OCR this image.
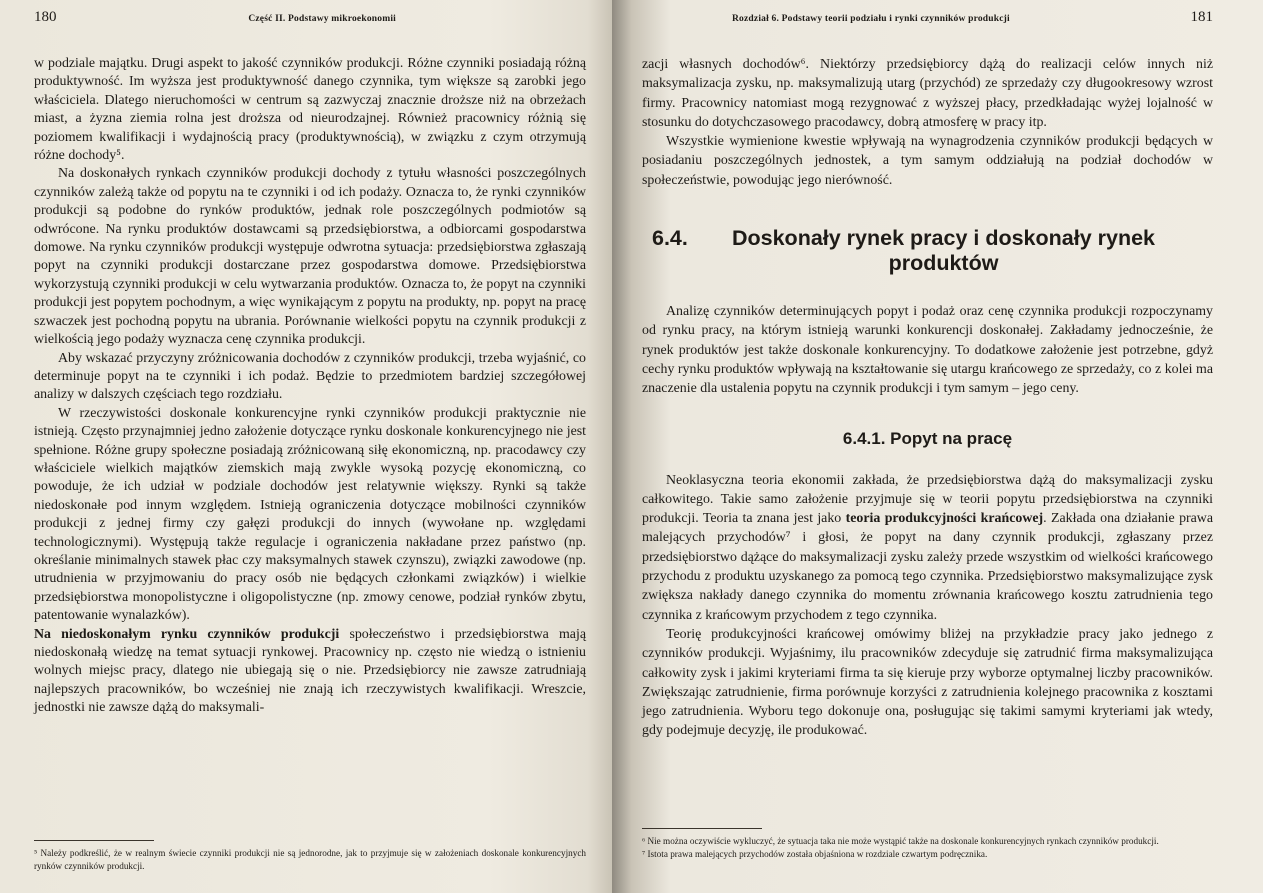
180	Część II. Podstawy mikroekonomii

w podziale majątku. Drugi aspekt to jakość czynników produkcji. Różne czynniki posiadają różną produktywność. Im wyższa jest produktywność danego czynnika, tym większe są zarobki jego właściciela. Dlatego nieruchomości w centrum są zazwyczaj znacznie droższe niż na obrzeżach miast, a żyzna ziemia rolna jest droższa od nieurodzajnej. Również pracownicy różnią się poziomem kwalifikacji i wydajnością pracy (produktywnością), w związku z czym otrzymują różne dochody⁵.

Na doskonałych rynkach czynników produkcji dochody z tytułu własności poszczególnych czynników zależą także od popytu na te czynniki i od ich podaży. Oznacza to, że rynki czynników produkcji są podobne do rynków produktów, jednak role poszczególnych podmiotów są odwrócone. Na rynku produktów dostawcami są przedsiębiorstwa, a odbiorcami gospodarstwa domowe. Na rynku czynników produkcji występuje odwrotna sytuacja: przedsiębiorstwa zgłaszają popyt na czynniki produkcji dostarczane przez gospodarstwa domowe. Przedsiębiorstwa wykorzystują czynniki produkcji w celu wytwarzania produktów. Oznacza to, że popyt na czynniki produkcji jest popytem pochodnym, a więc wynikającym z popytu na produkty, np. popyt na pracę szwaczek jest pochodną popytu na ubrania. Porównanie wielkości popytu na czynnik produkcji z wielkością jego podaży wyznacza cenę czynnika produkcji.

Aby wskazać przyczyny zróżnicowania dochodów z czynników produkcji, trzeba wyjaśnić, co determinuje popyt na te czynniki i ich podaż. Będzie to przedmiotem bardziej szczegółowej analizy w dalszych częściach tego rozdziału.

W rzeczywistości doskonale konkurencyjne rynki czynników produkcji praktycznie nie istnieją. Często przynajmniej jedno założenie dotyczące rynku doskonale konkurencyjnego nie jest spełnione. Różne grupy społeczne posiadają zróżnicowaną siłę ekonomiczną, np. pracodawcy czy właściciele wielkich majątków ziemskich mają zwykle wysoką pozycję ekonomiczną, co powoduje, że ich udział w podziale dochodów jest relatywnie większy. Rynki są także niedoskonałe pod innym względem. Istnieją ograniczenia dotyczące mobilności czynników produkcji z jednej firmy czy gałęzi produkcji do innych (wywołane np. względami technologicznymi). Występują także regulacje i ograniczenia nakładane przez państwo (np. określanie minimalnych stawek płac czy maksymalnych stawek czynszu), związki zawodowe (np. utrudnienia w przyjmowaniu do pracy osób nie będących członkami związków) i wielkie przedsiębiorstwa monopolistyczne i oligopolistyczne (np. zmowy cenowe, podział rynków zbytu, patentowanie wynalazków).

Na niedoskonałym rynku czynników produkcji społeczeństwo i przedsiębiorstwa mają niedoskonałą wiedzę na temat sytuacji rynkowej. Pracownicy np. często nie wiedzą o istnieniu wolnych miejsc pracy, dlatego nie ubiegają się o nie. Przedsiębiorcy nie zawsze zatrudniają najlepszych pracowników, bo wcześniej nie znają ich rzeczywistych kwalifikacji. Wreszcie, jednostki nie zawsze dążą do maksymali-

⁵ Należy podkreślić, że w realnym świecie czynniki produkcji nie są jednorodne, jak to przyjmuje się w założeniach doskonale konkurencyjnych rynków czynników produkcji.
Rozdział 6. Podstawy teorii podziału i rynki czynników produkcji	181

zacji własnych dochodów⁶. Niektórzy przedsiębiorcy dążą do realizacji celów innych niż maksymalizacja zysku, np. maksymalizują utarg (przychód) ze sprzedaży czy długookresowy wzrost firmy. Pracownicy natomiast mogą rezygnować z wyższej płacy, przedkładając wyżej lojalność w stosunku do dotychczasowego pracodawcy, dobrą atmosferę w pracy itp.

Wszystkie wymienione kwestie wpływają na wynagrodzenia czynników produkcji będących w posiadaniu poszczególnych jednostek, a tym samym oddziałują na podział dochodów w społeczeństwie, powodując jego nierówność.

6.4.	Doskonały rynek pracy i doskonały rynek produktów

Analizę czynników determinujących popyt i podaż oraz cenę czynnika produkcji rozpoczynamy od rynku pracy, na którym istnieją warunki konkurencji doskonałej. Zakładamy jednocześnie, że rynek produktów jest także doskonale konkurencyjny. To dodatkowe założenie jest potrzebne, gdyż cechy rynku produktów wpływają na kształtowanie się utargu krańcowego ze sprzedaży, co z kolei ma znaczenie dla ustalenia popytu na czynnik produkcji i tym samym – jego ceny.

6.4.1. Popyt na pracę

Neoklasyczna teoria ekonomii zakłada, że przedsiębiorstwa dążą do maksymalizacji zysku całkowitego. Takie samo założenie przyjmuje się w teorii popytu przedsiębiorstwa na czynniki produkcji. Teoria ta znana jest jako teoria produkcyjności krańcowej. Zakłada ona działanie prawa malejących przychodów⁷ i głosi, że popyt na dany czynnik produkcji, zgłaszany przez przedsiębiorstwo dążące do maksymalizacji zysku zależy przede wszystkim od wielkości krańcowego przychodu z produktu uzyskanego za pomocą tego czynnika. Przedsiębiorstwo maksymalizujące zysk zwiększa nakłady danego czynnika do momentu zrównania krańcowego kosztu zatrudnienia tego czynnika z krańcowym przychodem z tego czynnika.

Teorię produkcyjności krańcowej omówimy bliżej na przykładzie pracy jako jednego z czynników produkcji. Wyjaśnimy, ilu pracowników zdecyduje się zatrudnić firma maksymalizująca całkowity zysk i jakimi kryteriami firma ta się kieruje przy wyborze optymalnej liczby pracowników. Zwiększając zatrudnienie, firma porównuje korzyści z zatrudnienia kolejnego pracownika z kosztami jego zatrudnienia. Wyboru tego dokonuje ona, posługując się takimi samymi kryteriami jak wtedy, gdy podejmuje decyzję, ile produkować.

⁶ Nie można oczywiście wykluczyć, że sytuacja taka nie może wystąpić także na doskonale konkurencyjnych rynkach czynników produkcji.
⁷ Istota prawa malejących przychodów została objaśniona w rozdziale czwartym podręcznika.
